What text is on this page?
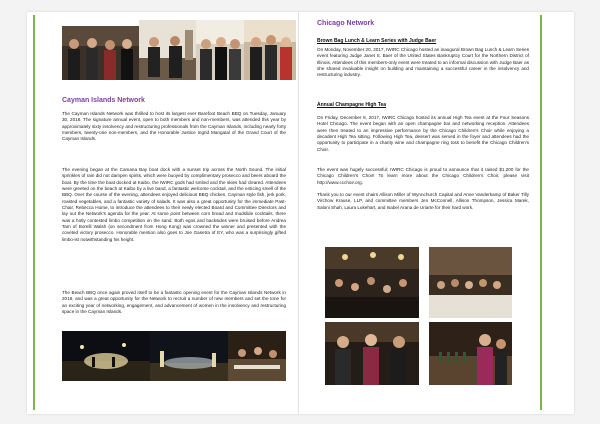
Cayman Islands Network

The Cayman Islands Network was thrilled to host its largest ever Barefoot Beach BBQ on Tuesday, January 30, 2018. The signature annual event, open to both members and non-members, was attended this year by approximately sixty insolvency and restructuring professionals from the Cayman Islands, including nearly forty members, twenty-one non-members, and the Honorable Justice Ingrid Mangatal of the Grand Court of the Cayman Islands.

The evening began at the Camana Bay boat dock with a sunset trip across the North Sound. The initial sprinkles of rain did not dampen spirits, which were buoyed by complimentary prosecco and beers aboard the boat. By the time the boat docked at Kaibo, the IWIRC gods had smiled and the skies had cleared. Attendees were greeted on the beach at Kaibo by a live band, a fantastic welcome cocktail, and the enticing smell of the BBQ. Over the course of the evening, attendees enjoyed delicious BBQ chicken, Cayman style fish, jerk pork, roasted vegetables, and a fantastic variety of salads. It was also a great opportunity for the immediate Past-Chair, Rebecca Hume, to introduce the attendees to their newly elected Board and Committee Directors and lay out the Network's agenda for the year. At some point between corn bread and mudslide cocktails, there was a hotly contested limbo competition on the sand. Both egos and backsides were bruised before Andrea Tam of Borelli Walsh (on secondment from Hong Kong) was crowned the winner and presented with the coveted victory prosecco. Honorable mention also goes to Joe Gasetra of EY, who was a surprisingly gifted limbo-ist notwithstanding his height.

The Beach BBQ once again proved itself to be a fantastic opening event for the Cayman Islands Network in 2018, and was a great opportunity for the Network to recruit a number of new members and set the tone for an exciting year of networking, engagement, and advancement of women in the insolvency and restructuring space in the Cayman Islands.

Chicago Network
Brown Bag Lunch & Learn Series with Judge Baer

On Monday, November 20, 2017, IWIRC Chicago hosted an inaugural Brown Bag Lunch & Learn Series event featuring Judge Janet S. Baer of the United States Bankruptcy Court for the Northern District of Illinois. Attendees of this members-only event were treated to an informal discussion with Judge Baer as she shared invaluable insight on building and maintaining a successful career in the insolvency and restructuring industry.

Annual Champagne High Tea

On Friday, December 8, 2017, IWIRC Chicago hosted its annual High Tea event at the Four Seasons Hotel Chicago. The event began with an open champagne bar and networking reception. Attendees were then treated to an impressive performance by the Chicago Children's Choir while enjoying a decadent High Tea sitting. Following High Tea, dessert was served in the foyer and attendees had the opportunity to participate in a charity wine and champagne ring toss to benefit the Chicago Children's Choir.

The event was hugely successful; IWIRC Chicago is proud to announce that it raised $1,200 for the Chicago Children's Choir! To learn more about the Chicago Children's Choir, please visit http://www.ccchoir.org.

Thank you to our event chairs Allison Miller of Wynnchurch Capital and Anne Vanderkamp of Baker Tilly Virchow Krause, LLP, and committee members Jen McConnell, Allison Thompson, Jessica Marek, Saloni Shah, Laura Lukehart, and Isabel Arana de Uriarte for their hard work.
